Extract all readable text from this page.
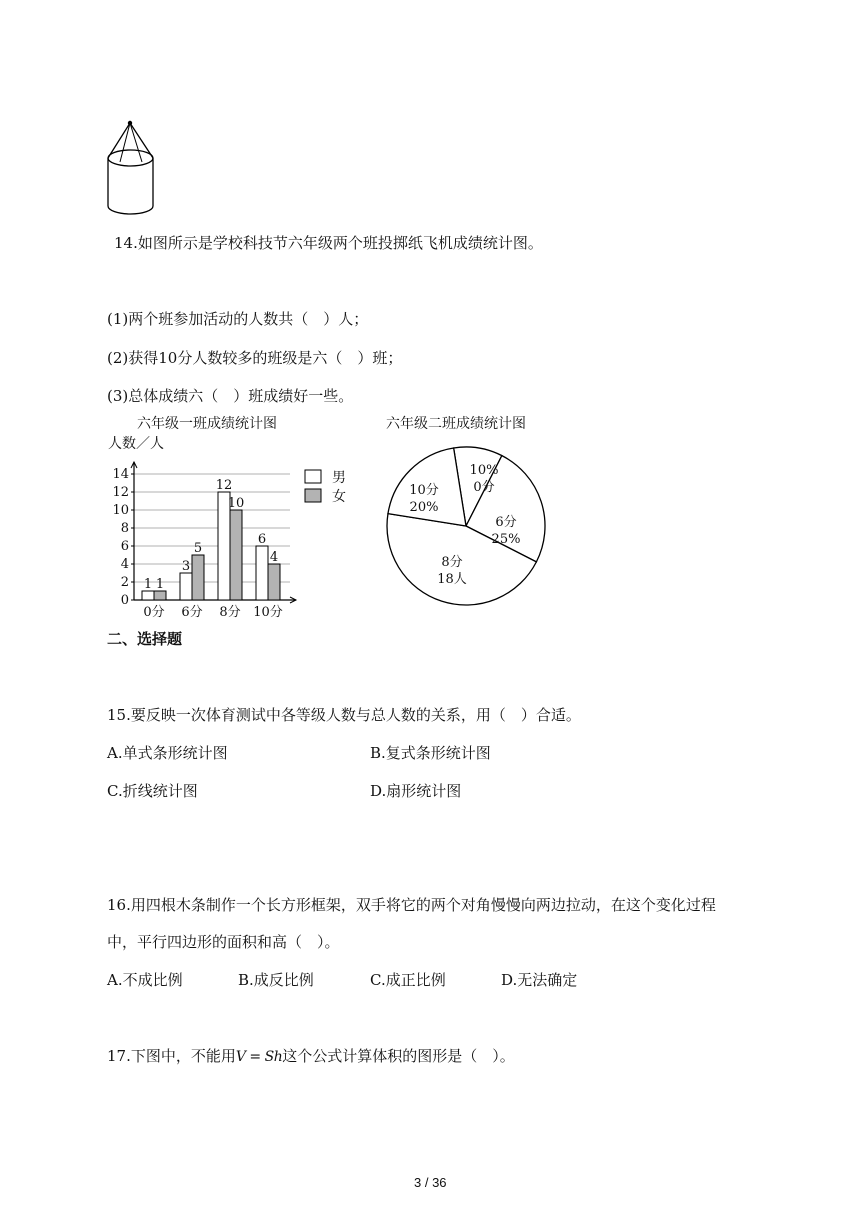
14.如图所示是学校科技节六年级两个班投掷纸飞机成绩统计图。
(1)两个班参加活动的人数共（　）人；
(2)获得10分人数较多的班级是六（　）班；
(3)总体成绩六（　）班成绩好一些。
六年级一班成绩统计图
人数／人
0
2
4
6
8
10
12
14
1 1
3
5
12
10
6
4
0分 6分 8分 10分
男
女
六年级二班成绩统计图
10%
0分
6分
25%
8分
18人
10分
20%
二、选择题
15.要反映一次体育测试中各等级人数与总人数的关系，用（　）合适。
A.单式条形统计图	B.复式条形统计图
C.折线统计图	D.扇形统计图
16.用四根木条制作一个长方形框架，双手将它的两个对角慢慢向两边拉动，在这个变化过程
中，平行四边形的面积和高（　）。
A.不成比例	B.成反比例	C.成正比例	D.无法确定
17.下图中，不能用V = Sh这个公式计算体积的图形是（　）。
3 / 36
